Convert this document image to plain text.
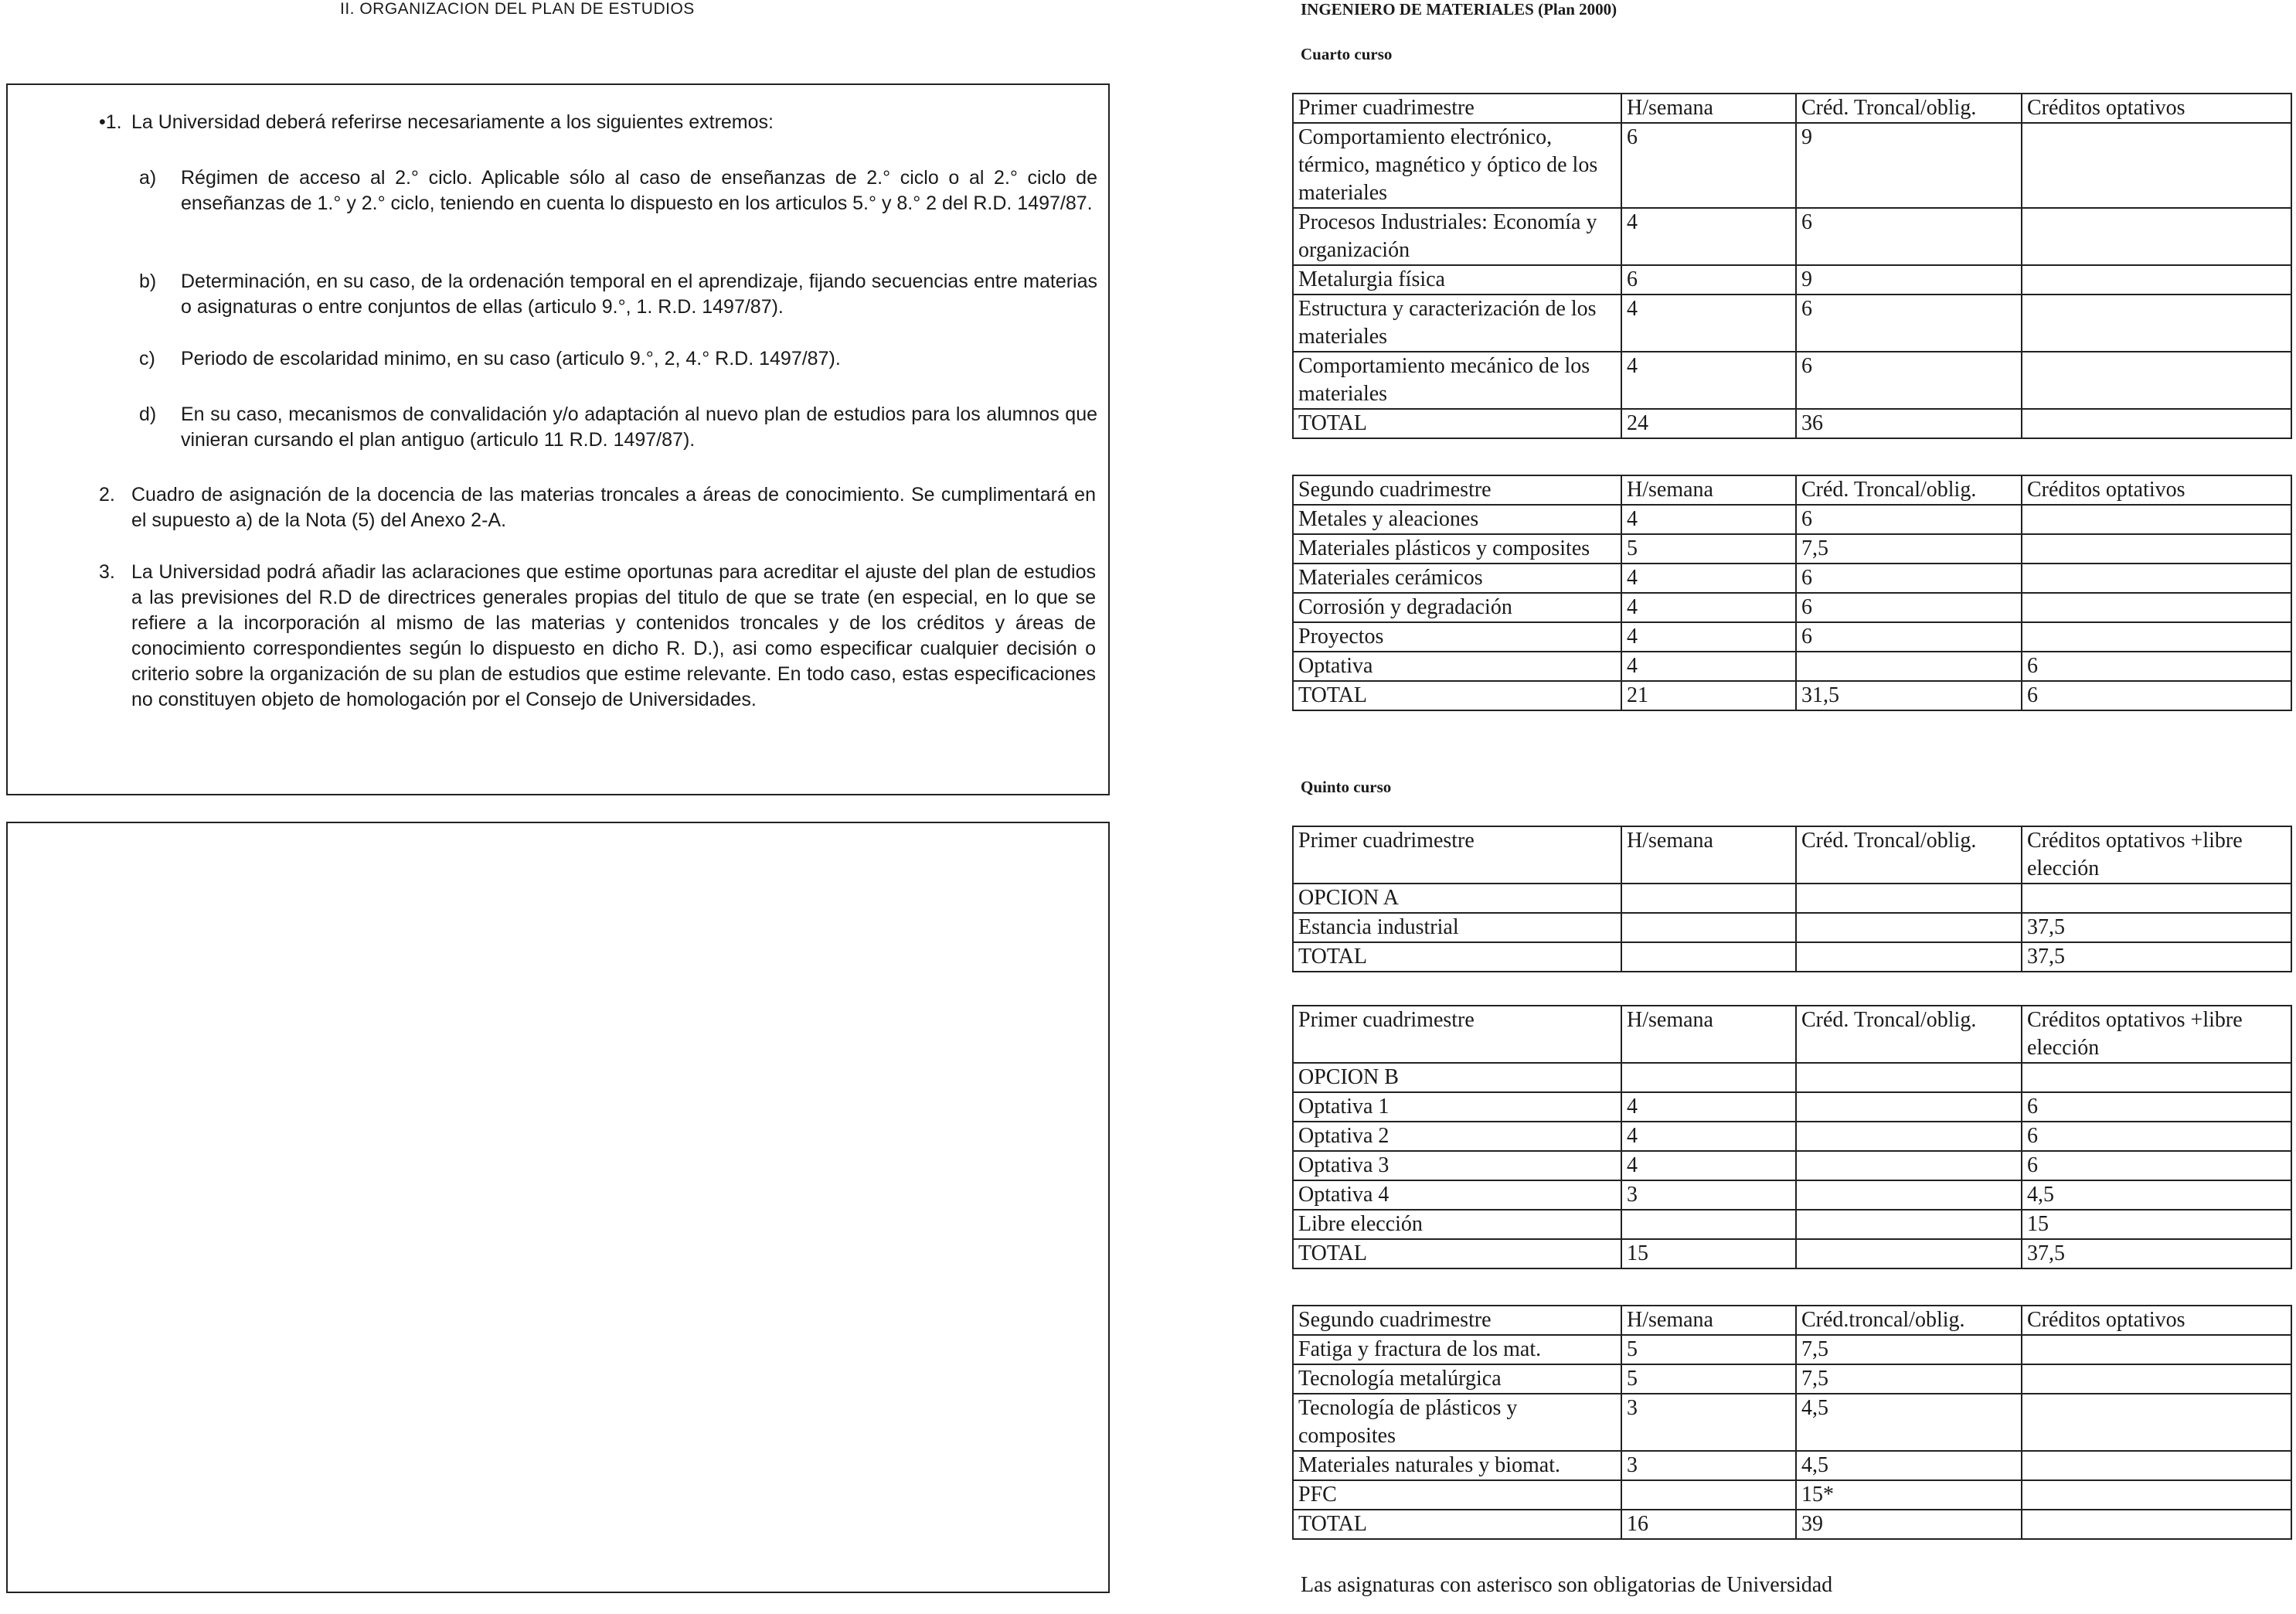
II. ORGANIZACION DEL PLAN DE ESTUDIOS
•1. La Universidad deberá referirse necesariamente a los siguientes extremos:
a) Régimen de acceso al 2.° ciclo. Aplicable sólo al caso de enseñanzas de 2.° ciclo o al 2.° ciclo de enseñanzas de 1.° y 2.° ciclo, teniendo en cuenta lo dispuesto en los articulos 5.° y 8.° 2 del R.D. 1497/87.
b) Determinación, en su caso, de la ordenación temporal en el aprendizaje, fijando secuencias entre materias o asignaturas o entre conjuntos de ellas (articulo 9.°, 1. R.D. 1497/87).
c) Periodo de escolaridad minimo, en su caso (articulo 9.°, 2, 4.° R.D. 1497/87).
d) En su caso, mecanismos de convalidación y/o adaptación al nuevo plan de estudios para los alumnos que vinieran cursando el plan antiguo (articulo 11 R.D. 1497/87).
2. Cuadro de asignación de la docencia de las materias troncales a áreas de conocimiento. Se cumplimentará en el supuesto a) de la Nota (5) del Anexo 2-A.
3. La Universidad podrá añadir las aclaraciones que estime oportunas para acreditar el ajuste del plan de estudios a las previsiones del R.D de directrices generales propias del titulo de que se trate (en especial, en lo que se refiere a la incorporación al mismo de las materias y contenidos troncales y de los créditos y áreas de conocimiento correspondientes según lo dispuesto en dicho R. D.), asi como especificar cualquier decisión o criterio sobre la organización de su plan de estudios que estime relevante. En todo caso, estas especificaciones no constituyen objeto de homologación por el Consejo de Universidades.
INGENIERO DE MATERIALES (Plan 2000)
Cuarto curso
Primer cuadrimestre	H/semana	Créd. Troncal/oblig.	Créditos optativos
Comportamiento electrónico, térmico, magnético y óptico de los materiales	6	9	
Procesos Industriales: Economía y organización	4	6	
Metalurgia física	6	9	
Estructura y caracterización de los materiales	4	6	
Comportamiento mecánico de los materiales	4	6	
TOTAL	24	36	
Segundo cuadrimestre	H/semana	Créd. Troncal/oblig.	Créditos optativos
Metales y aleaciones	4	6	
Materiales plásticos y composites	5	7,5	
Materiales cerámicos	4	6	
Corrosión y degradación	4	6	
Proyectos	4	6	
Optativa	4		6
TOTAL	21	31,5	6
Quinto curso
Primer cuadrimestre	H/semana	Créd. Troncal/oblig.	Créditos optativos +libre elección
OPCION A			
Estancia industrial			37,5
TOTAL			37,5
Primer cuadrimestre	H/semana	Créd. Troncal/oblig.	Créditos optativos +libre elección
OPCION B			
Optativa 1	4		6
Optativa 2	4		6
Optativa 3	4		6
Optativa 4	3		4,5
Libre elección			15
TOTAL	15		37,5
Segundo cuadrimestre	H/semana	Créd.troncal/oblig.	Créditos optativos
Fatiga y fractura de los mat.	5	7,5	
Tecnología metalúrgica	5	7,5	
Tecnología de plásticos y composites	3	4,5	
Materiales naturales y biomat.	3	4,5	
PFC		15*	
TOTAL	16	39	
Las asignaturas con asterisco son obligatorias de Universidad
